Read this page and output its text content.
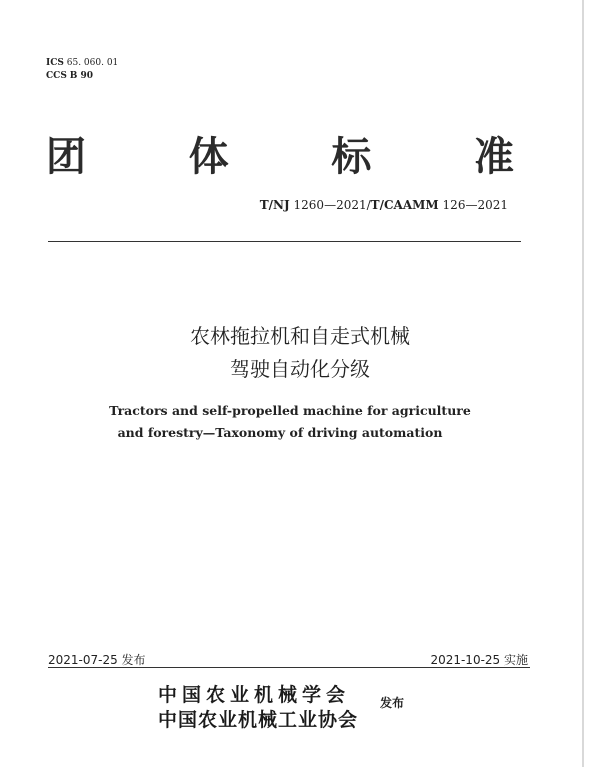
ICS 65. 060. 01
CCS B 90
团	体	标	准
T/NJ 1260—2021/T/CAAMM 126—2021
农林拖拉机和自走式机械
驾驶自动化分级
Tractors and self-propelled machine for agriculture
and forestry—Taxonomy of driving automation
2021-07-25 发布	2021-10-25 实施
中国农业机械学会
中国农业机械工业协会
发布
